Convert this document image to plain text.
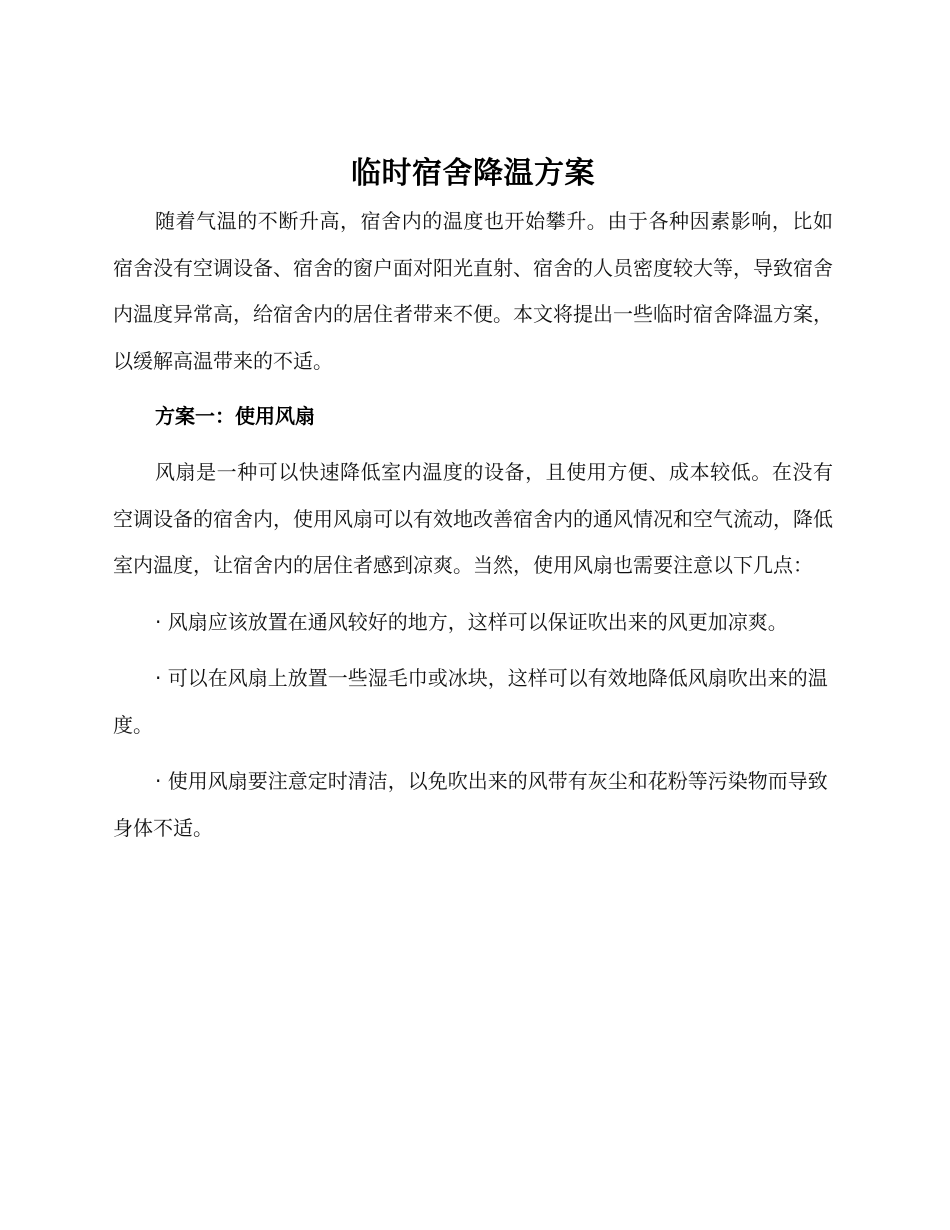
临时宿舍降温方案

随着气温的不断升高，宿舍内的温度也开始攀升。由于各种因素影响，比如宿舍没有空调设备、宿舍的窗户面对阳光直射、宿舍的人员密度较大等，导致宿舍内温度异常高，给宿舍内的居住者带来不便。本文将提出一些临时宿舍降温方案，以缓解高温带来的不适。

方案一：使用风扇

风扇是一种可以快速降低室内温度的设备，且使用方便、成本较低。在没有空调设备的宿舍内，使用风扇可以有效地改善宿舍内的通风情况和空气流动，降低室内温度，让宿舍内的居住者感到凉爽。当然，使用风扇也需要注意以下几点：

· 风扇应该放置在通风较好的地方，这样可以保证吹出来的风更加凉爽。

· 可以在风扇上放置一些湿毛巾或冰块，这样可以有效地降低风扇吹出来的温度。

· 使用风扇要注意定时清洁，以免吹出来的风带有灰尘和花粉等污染物而导致身体不适。
